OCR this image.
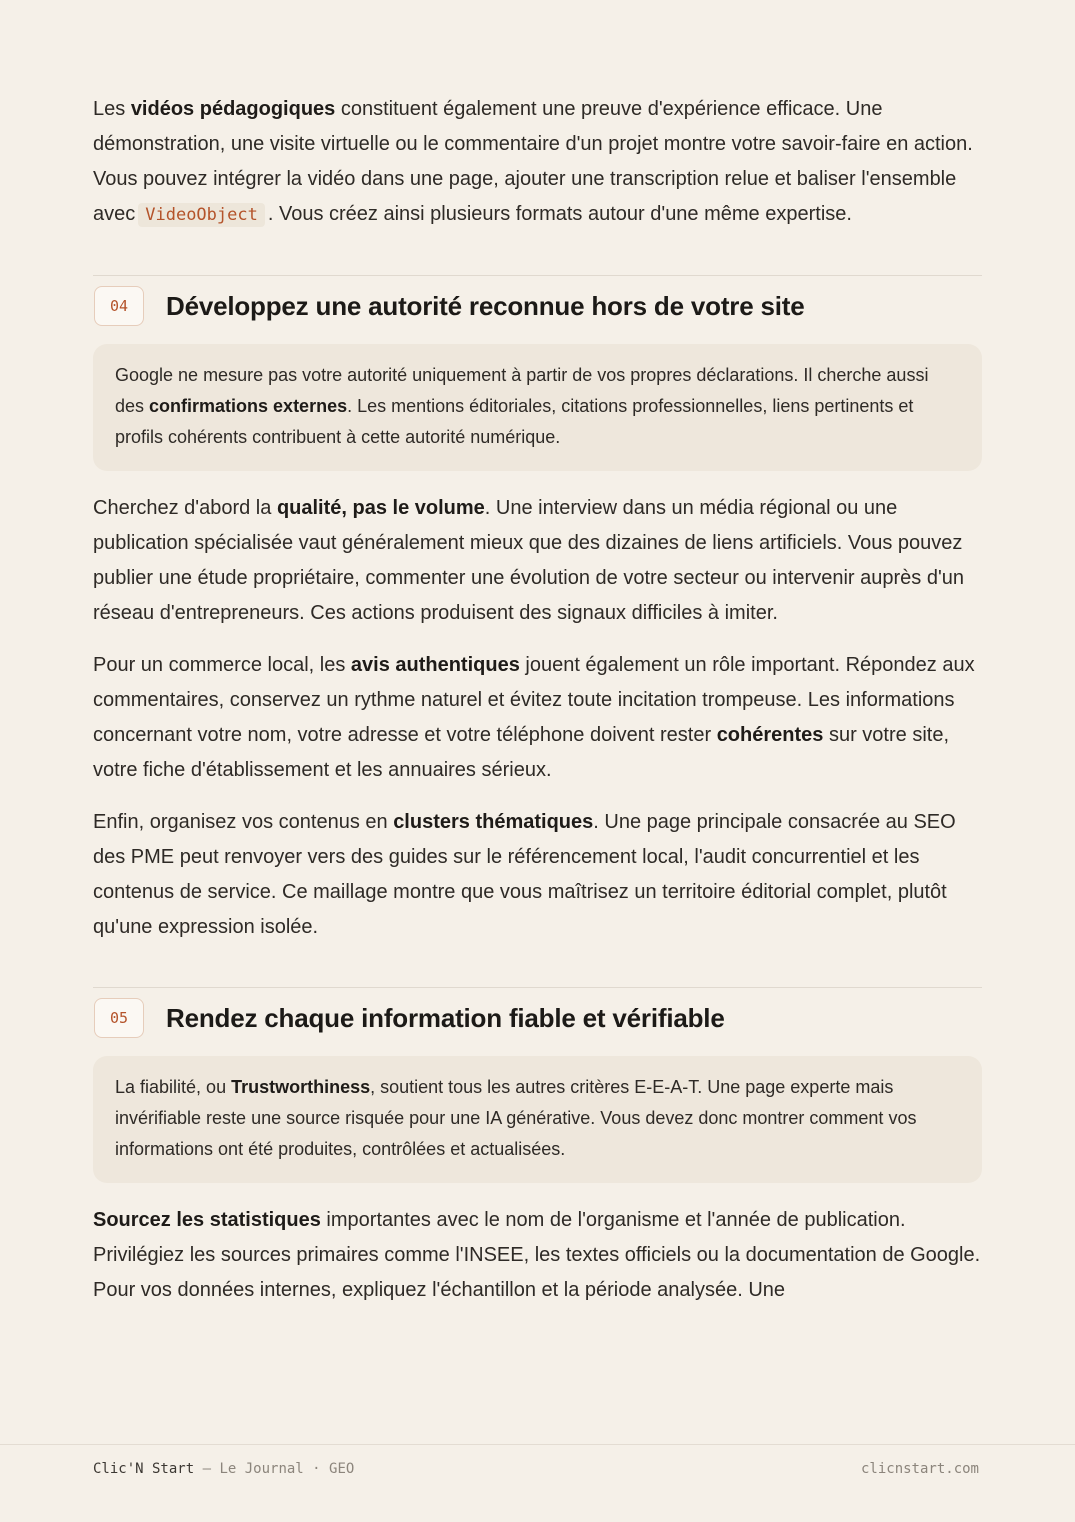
Les vidéos pédagogiques constituent également une preuve d'expérience efficace. Une démonstration, une visite virtuelle ou le commentaire d'un projet montre votre savoir-faire en action. Vous pouvez intégrer la vidéo dans une page, ajouter une transcription relue et baliser l'ensemble avec VideoObject . Vous créez ainsi plusieurs formats autour d'une même expertise.

04	Développez une autorité reconnue hors de votre site
Google ne mesure pas votre autorité uniquement à partir de vos propres déclarations. Il cherche aussi des confirmations externes. Les mentions éditoriales, citations professionnelles, liens pertinents et profils cohérents contribuent à cette autorité numérique.

Cherchez d'abord la qualité, pas le volume. Une interview dans un média régional ou une publication spécialisée vaut généralement mieux que des dizaines de liens artificiels. Vous pouvez publier une étude propriétaire, commenter une évolution de votre secteur ou intervenir auprès d'un réseau d'entrepreneurs. Ces actions produisent des signaux difficiles à imiter.

Pour un commerce local, les avis authentiques jouent également un rôle important. Répondez aux commentaires, conservez un rythme naturel et évitez toute incitation trompeuse. Les informations concernant votre nom, votre adresse et votre téléphone doivent rester cohérentes sur votre site, votre fiche d'établissement et les annuaires sérieux.

Enfin, organisez vos contenus en clusters thématiques. Une page principale consacrée au SEO des PME peut renvoyer vers des guides sur le référencement local, l'audit concurrentiel et les contenus de service. Ce maillage montre que vous maîtrisez un territoire éditorial complet, plutôt qu'une expression isolée.

05	Rendez chaque information fiable et vérifiable
La fiabilité, ou Trustworthiness, soutient tous les autres critères E-E-A-T. Une page experte mais invérifiable reste une source risquée pour une IA générative. Vous devez donc montrer comment vos informations ont été produites, contrôlées et actualisées.

Sourcez les statistiques importantes avec le nom de l'organisme et l'année de publication. Privilégiez les sources primaires comme l'INSEE, les textes officiels ou la documentation de Google. Pour vos données internes, expliquez l'échantillon et la période analysée. Une

Clic'N Start — Le Journal · GEO	clicnstart.com
